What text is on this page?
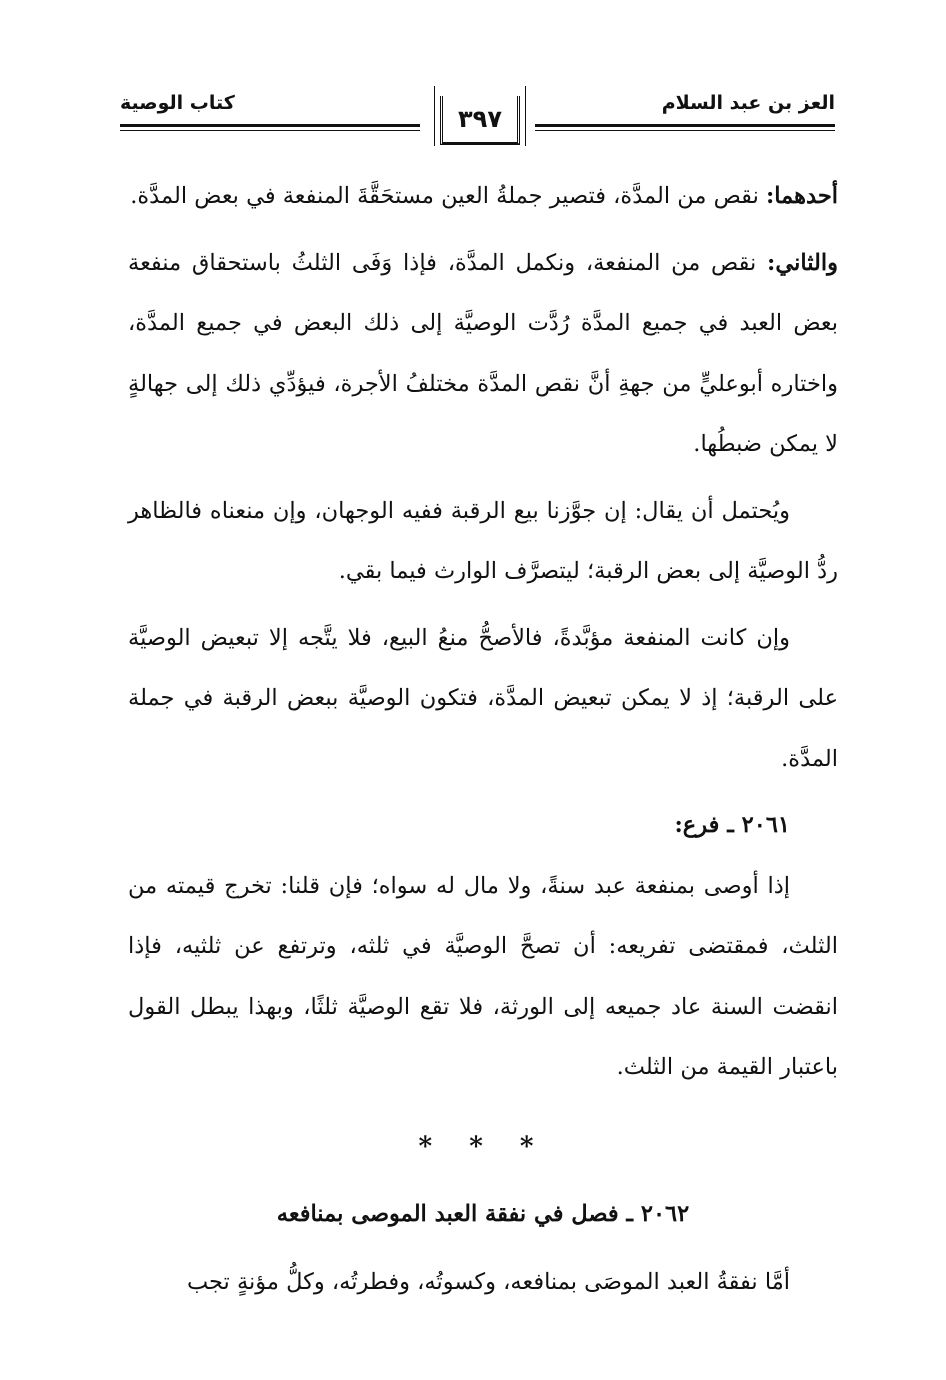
العز بن عبد السلام
٣٩٧
كتاب الوصية

أحدهما: نقص من المدَّة، فتصير جملةُ العين مستحَقَّةَ المنفعة في بعض المدَّة.

والثاني: نقص من المنفعة، ونكمل المدَّة، فإذا وَفَى الثلثُ باستحقاق منفعة بعض العبد في جميع المدَّة رُدَّت الوصيَّة إلى ذلك البعض في جميع المدَّة، واختاره أبوعليٍّ من جهةِ أنَّ نقص المدَّة مختلفُ الأجرة، فيؤدِّي ذلك إلى جهالةٍ لا يمكن ضبطُها.

ويُحتمل أن يقال: إن جوَّزنا بيع الرقبة ففيه الوجهان، وإن منعناه فالظاهر ردُّ الوصيَّة إلى بعض الرقبة؛ ليتصرَّف الوارث فيما بقي.

وإن كانت المنفعة مؤبَّدةً، فالأصحُّ منعُ البيع، فلا يتَّجه إلا تبعيض الوصيَّة على الرقبة؛ إذ لا يمكن تبعيض المدَّة، فتكون الوصيَّة ببعض الرقبة في جملة المدَّة.

٢٠٦١ ـ فرع:

إذا أوصى بمنفعة عبد سنةً، ولا مال له سواه؛ فإن قلنا: تخرج قيمته من الثلث، فمقتضى تفريعه: أن تصحَّ الوصيَّة في ثلثه، وترتفع عن ثلثيه، فإذا انقضت السنة عاد جميعه إلى الورثة، فلا تقع الوصيَّة ثلثًا، وبهذا يبطل القول باعتبار القيمة من الثلث.

* * *

٢٠٦٢ ـ فصل في نفقة العبد الموصى بمنافعه

أمَّا نفقةُ العبد الموصَى بمنافعه، وكسوتُه، وفطرتُه، وكلُّ مؤنةٍ تجب
